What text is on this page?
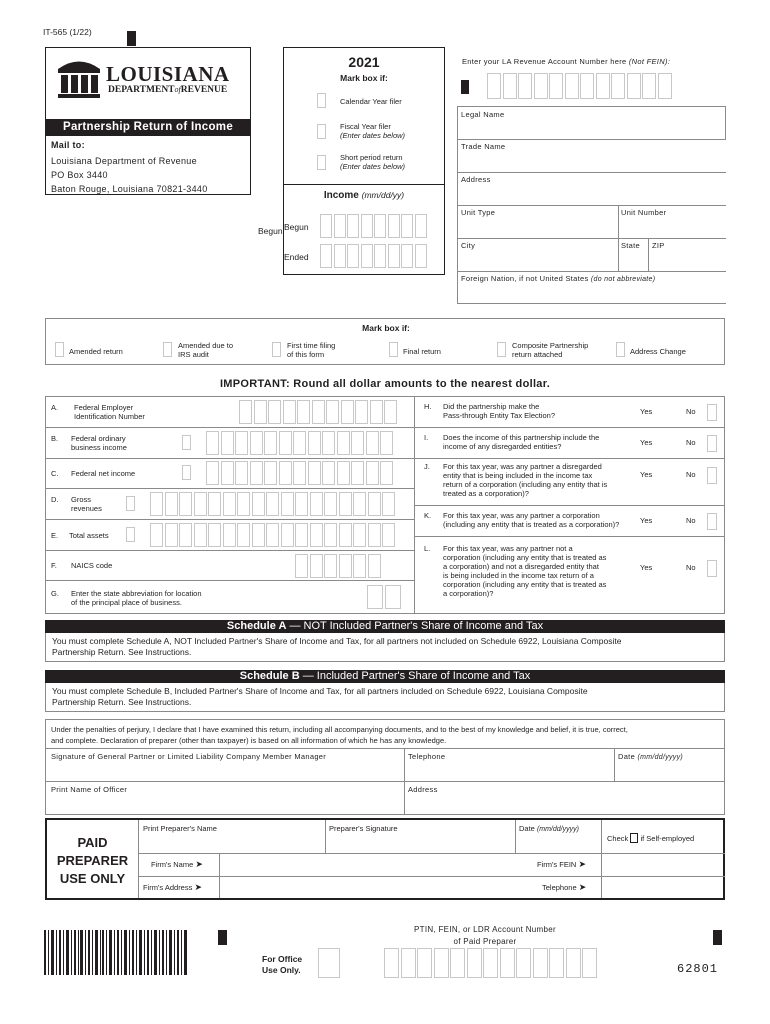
IT-565 (1/22)
LOUISIANA
DEPARTMENTofREVENUE
Partnership Return of Income
Mail to:
Louisiana Department of Revenue
PO Box 3440
Baton Rouge, Louisiana 70821-3440
2021
Mark box if:
Calendar Year filer
Fiscal Year filer
(Enter dates below)
Short period return
(Enter dates below)
Income (mm/dd/yy)
Begun
Ended
Begun
Enter your LA Revenue Account Number here (Not FEIN):
Legal Name
Trade Name
Address
Unit Type	Unit Number
City	State ZIP
Foreign Nation, if not United States (do not abbreviate)
Mark box if:
Amended return
Amended due to
IRS audit
First time filing
of this form	Final return
Composite Partnership
return attached	Address Change
IMPORTANT: Round all dollar amounts to the nearest dollar.
A. Federal Employer
Identification Number
B. Federal ordinary
business income
C. Federal net income
D. Gross
revenues
E. Total assets
F. NAICS code
G. Enter the state abbreviation for location
of the principal place of business.
H. Did the partnership make the
Pass-through Entity Tax Election?	Yes	No
I. Does the income of this partnership include the
income of any disregarded entities?	Yes	No
J. For this tax year, was any partner a disregarded
entity that is being included in the income tax
return of a corporation (including any entity that is
treated as a corporation)?
Yes	No
K. For this tax year, was any partner a corporation
(including any entity that is treated as a corporation)?	Yes	No
L. For this tax year, was any partner not a
corporation (including any entity that is treated as
a corporation) and not a disregarded entity that
is being included in the income tax return of a
corporation (including any entity that is treated as
a corporation)?
Yes	No
Schedule A — NOT Included Partner's Share of Income and Tax
You must complete Schedule A, NOT Included Partner's Share of Income and Tax, for all partners not included on Schedule 6922, Louisiana Composite
Partnership Return. See Instructions.
Schedule B — Included Partner's Share of Income and Tax
You must complete Schedule B, Included Partner's Share of Income and Tax, for all partners included on Schedule 6922, Louisiana Composite
Partnership Return. See Instructions.
Under the penalties of perjury, I declare that I have examined this return, including all accompanying documents, and to the best of my knowledge and belief, it is true, correct,
and complete. Declaration of preparer (other than taxpayer) is based on all information of which he has any knowledge.
Signature of General Partner or Limited Liability Company Member Manager	Telephone	Date (mm/dd/yyyy)
Print Name of Officer	Address
PAID
PREPARER
USE ONLY
Print Preparer's Name	Preparer's Signature	Date (mm/dd/yyyy)
Check if Self-employed
Firm's Name ➤	Firm's FEIN ➤
Firm's Address ➤	Telephone ➤
For Office
Use Only.
PTIN, FEIN, or LDR Account Number
of Paid Preparer
62801
